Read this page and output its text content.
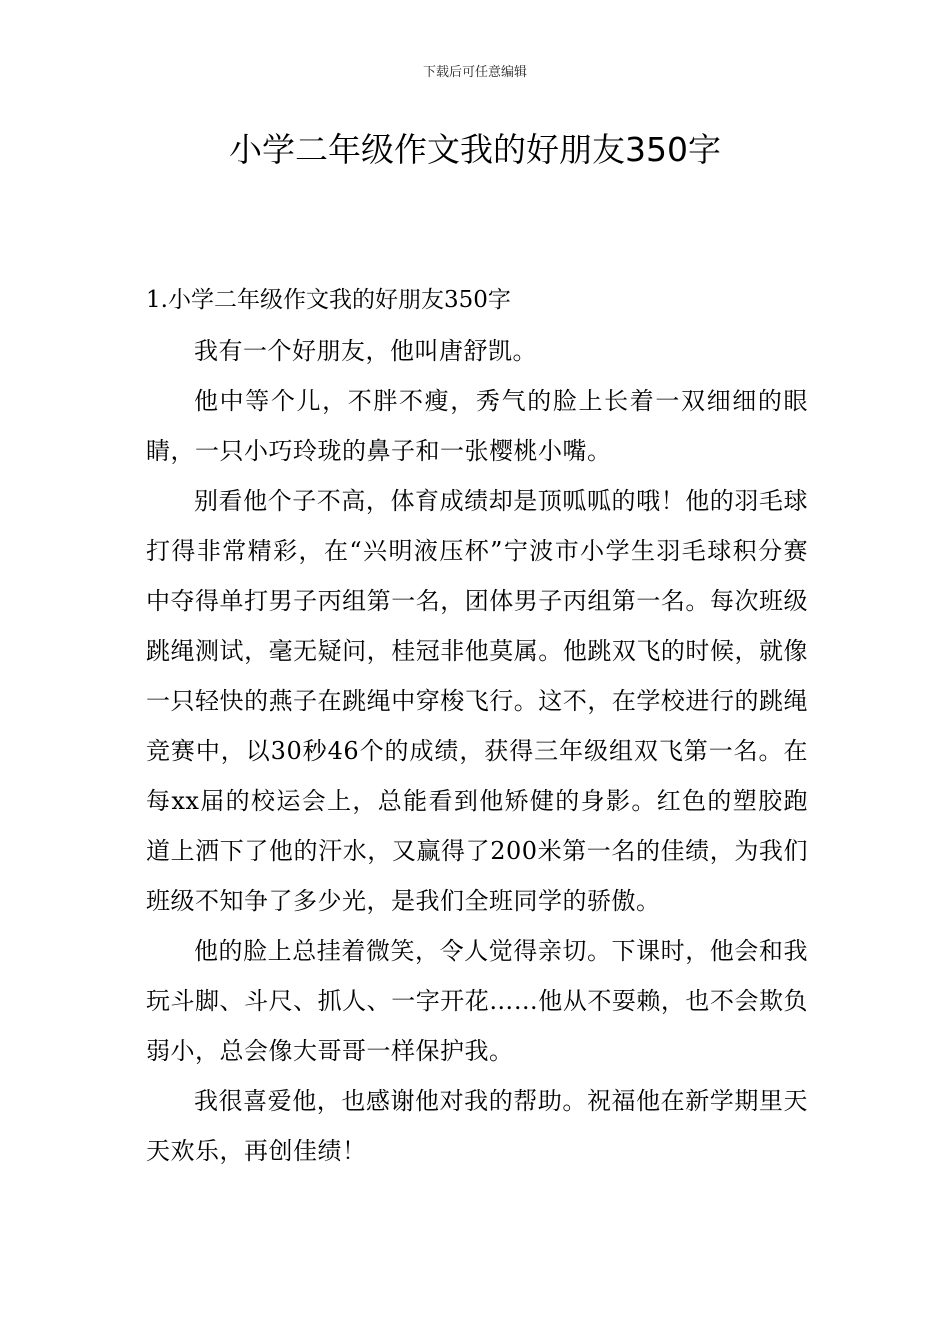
下载后可任意编辑
小学二年级作文我的好朋友350字
1.小学二年级作文我的好朋友350字

我有一个好朋友，他叫唐舒凯。

他中等个儿，不胖不瘦，秀气的脸上长着一双细细的眼睛，一只小巧玲珑的鼻子和一张樱桃小嘴。

别看他个子不高，体育成绩却是顶呱呱的哦！他的羽毛球打得非常精彩，在“兴明液压杯”宁波市小学生羽毛球积分赛中夺得单打男子丙组第一名，团体男子丙组第一名。每次班级跳绳测试，毫无疑问，桂冠非他莫属。他跳双飞的时候，就像一只轻快的燕子在跳绳中穿梭飞行。这不，在学校进行的跳绳竞赛中，以30秒46个的成绩，获得三年级组双飞第一名。在每xx届的校运会上，总能看到他矫健的身影。红色的塑胶跑道上洒下了他的汗水，又赢得了200米第一名的佳绩，为我们班级不知争了多少光，是我们全班同学的骄傲。

他的脸上总挂着微笑，令人觉得亲切。下课时，他会和我玩斗脚、斗尺、抓人、一字开花……他从不耍赖，也不会欺负弱小，总会像大哥哥一样保护我。

我很喜爱他，也感谢他对我的帮助。祝福他在新学期里天天欢乐，再创佳绩！
